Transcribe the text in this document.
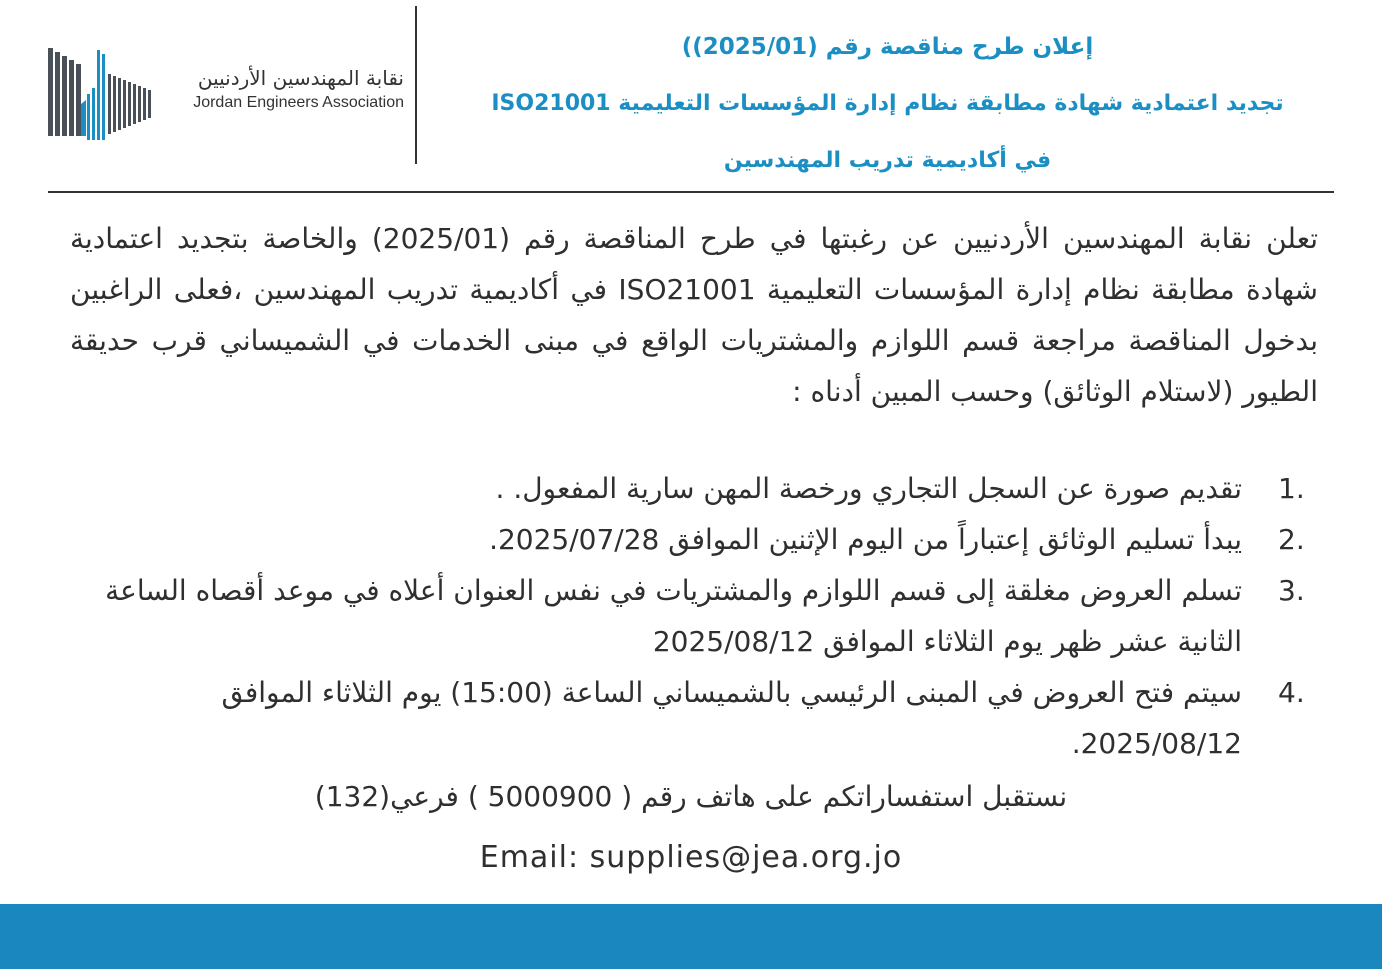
نقابة المهندسين الأردنيين
Jordan Engineers Association
إعلان طرح مناقصة رقم (2025/01))
تجديد اعتمادية شهادة مطابقة نظام إدارة المؤسسات التعليمية ISO21001
في أكاديمية تدريب المهندسين
تعلن نقابة المهندسين الأردنيين عن رغبتها في طرح المناقصة رقم (2025/01) والخاصة بتجديد اعتمادية شهادة مطابقة نظام إدارة المؤسسات التعليمية ISO21001 في أكاديمية تدريب المهندسين ،فعلى الراغبين بدخول المناقصة مراجعة قسم اللوازم والمشتريات الواقع في مبنى الخدمات في الشميساني قرب حديقة الطيور (لاستلام الوثائق) وحسب المبين أدناه :
1.
تقديم صورة عن السجل التجاري ورخصة المهن سارية المفعول. .
2.
يبدأ تسليم الوثائق إعتباراً من اليوم الإثنين الموافق 2025/07/28.
3.
تسلم العروض مغلقة إلى قسم اللوازم والمشتريات في نفس العنوان أعلاه في موعد أقصاه الساعة الثانية عشر ظهر يوم الثلاثاء الموافق 2025/08/12
4.
سيتم فتح العروض في المبنى الرئيسي بالشميساني الساعة (15:00) يوم الثلاثاء الموافق 2025/08/12.
نستقبل استفساراتكم على هاتف رقم ( 5000900 ) فرعي(132)
Email: supplies@jea.org.jo
